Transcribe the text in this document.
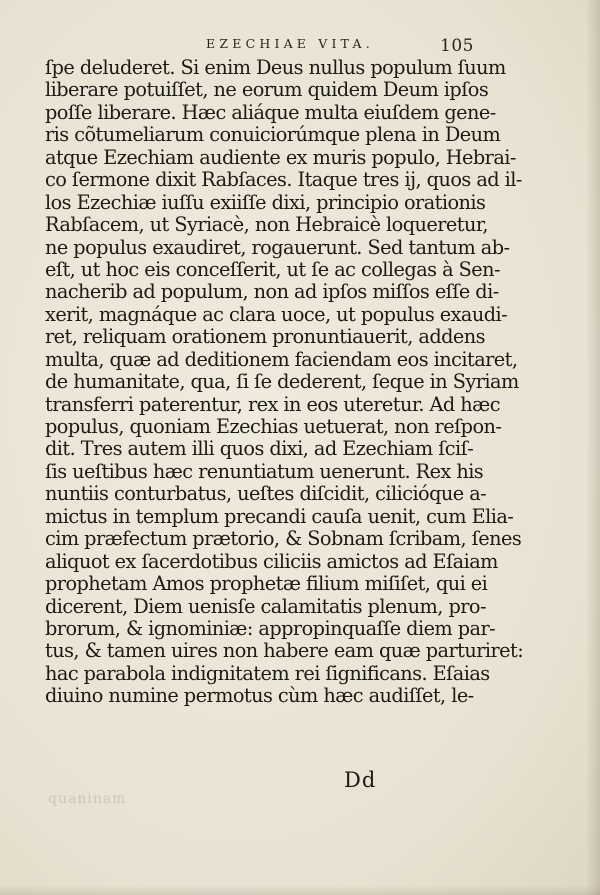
EZECHIAE VITA.	105
ſpe deluderet. Si enim Deus nullus populum ſuum
liberare potuiſſet, ne eorum quidem Deum ipſos
poſſe liberare. Hæc aliáque multa eiuſdem gene-
ris cõtumeliarum conuiciorúmque plena in Deum
atque Ezechiam audiente ex muris populo, Hebrai-
co ſermone dixit Rabſaces. Itaque tres ij, quos ad il-
los Ezechiæ iuſſu exiiſſe dixi, principio orationis
Rabſacem, ut Syriacè, non Hebraicè loqueretur,
ne populus exaudiret, rogauerunt. Sed tantum ab-
eſt, ut hoc eis conceſſerit, ut ſe ac collegas à Sen-
nacherib ad populum, non ad ipſos miſſos eſſe di-
xerit, magnáque ac clara uoce, ut populus exaudi-
ret, reliquam orationem pronuntiauerit, addens
multa, quæ ad deditionem faciendam eos incitaret,
de humanitate, qua, ſi ſe dederent, ſeque in Syriam
transferri paterentur, rex in eos uteretur. Ad hæc
populus, quoniam Ezechias uetuerat, non reſpon-
dit. Tres autem illi quos dixi, ad Ezechiam ſciſ-
ſis ueſtibus hæc renuntiatum uenerunt. Rex his
nuntiis conturbatus, ueſtes diſcidit, cilicióque a-
mictus in templum precandi cauſa uenit, cum Elia-
cim præfectum prætorio, & Sobnam ſcribam, ſenes
aliquot ex ſacerdotibus ciliciis amictos ad Eſaiam
prophetam Amos prophetæ filium miſiſet, qui ei
dicerent, Diem uenisſe calamitatis plenum, pro-
brorum, & ignominiæ: appropinquaſſe diem par-
tus, & tamen uires non habere eam quæ parturiret:
hac parabola indignitatem rei ſignificans. Eſaias
diuino numine permotus cùm hæc audiſſet, le-
quaninam
Dd
